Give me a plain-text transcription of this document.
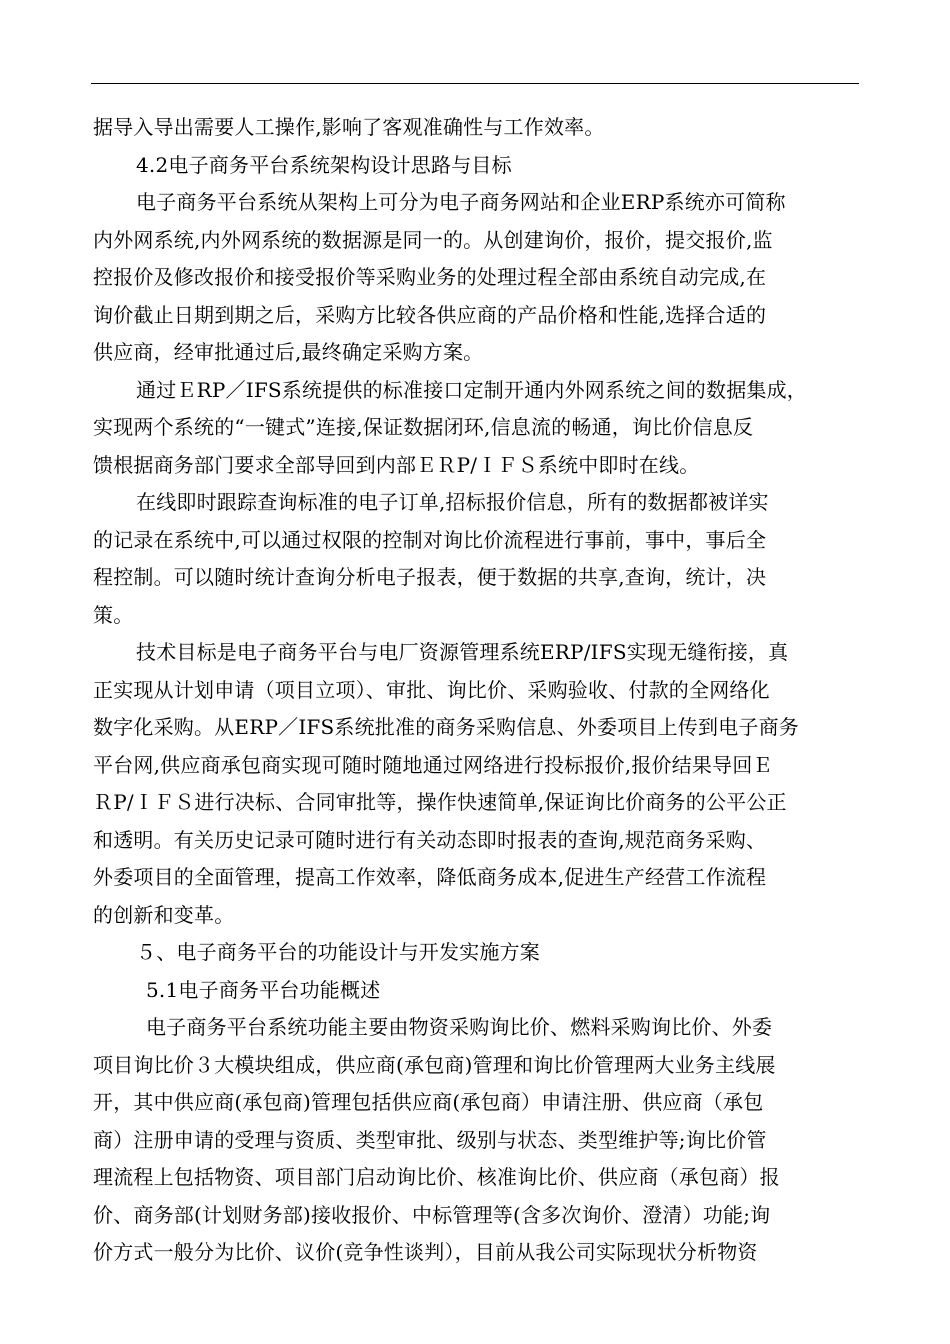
据导入导出需要人工操作,影响了客观准确性与工作效率。
4.2电子商务平台系统架构设计思路与目标
电子商务平台系统从架构上可分为电子商务网站和企业ERP系统亦可简称
内外网系统,内外网系统的数据源是同一的。从创建询价，报价，提交报价,监
控报价及修改报价和接受报价等采购业务的处理过程全部由系统自动完成,在
询价截止日期到期之后，采购方比较各供应商的产品价格和性能,选择合适的
供应商，经审批通过后,最终确定采购方案。
通过ＥRP／IFS系统提供的标准接口定制开通内外网系统之间的数据集成，
实现两个系统的“一键式”连接,保证数据闭环,信息流的畅通，询比价信息反
馈根据商务部门要求全部导回到内部ＥＲP/ＩＦＳ系统中即时在线。
在线即时跟踪查询标准的电子订单,招标报价信息，所有的数据都被详实
的记录在系统中,可以通过权限的控制对询比价流程进行事前，事中，事后全
程控制。可以随时统计查询分析电子报表，便于数据的共享,查询，统计，决
策。
技术目标是电子商务平台与电厂资源管理系统ERP/IFS实现无缝衔接，真
正实现从计划申请（项目立项）、审批、询比价、采购验收、付款的全网络化
数字化采购。从ERP／IFS系统批准的商务采购信息、外委项目上传到电子商务
平台网,供应商承包商实现可随时随地通过网络进行投标报价,报价结果导回Ｅ
ＲP/ＩＦＳ进行决标、合同审批等，操作快速简单,保证询比价商务的公平公正
和透明。有关历史记录可随时进行有关动态即时报表的查询,规范商务采购、
外委项目的全面管理，提高工作效率，降低商务成本,促进生产经营工作流程
的创新和变革。
５、电子商务平台的功能设计与开发实施方案
5.1电子商务平台功能概述
电子商务平台系统功能主要由物资采购询比价、燃料采购询比价、外委
项目询比价３大模块组成，供应商(承包商)管理和询比价管理两大业务主线展
开，其中供应商(承包商)管理包括供应商(承包商）申请注册、供应商（承包
商）注册申请的受理与资质、类型审批、级别与状态、类型维护等;询比价管
理流程上包括物资、项目部门启动询比价、核准询比价、供应商（承包商）报
价、商务部(计划财务部)接收报价、中标管理等(含多次询价、澄清）功能;询
价方式一般分为比价、议价(竞争性谈判），目前从我公司实际现状分析物资
